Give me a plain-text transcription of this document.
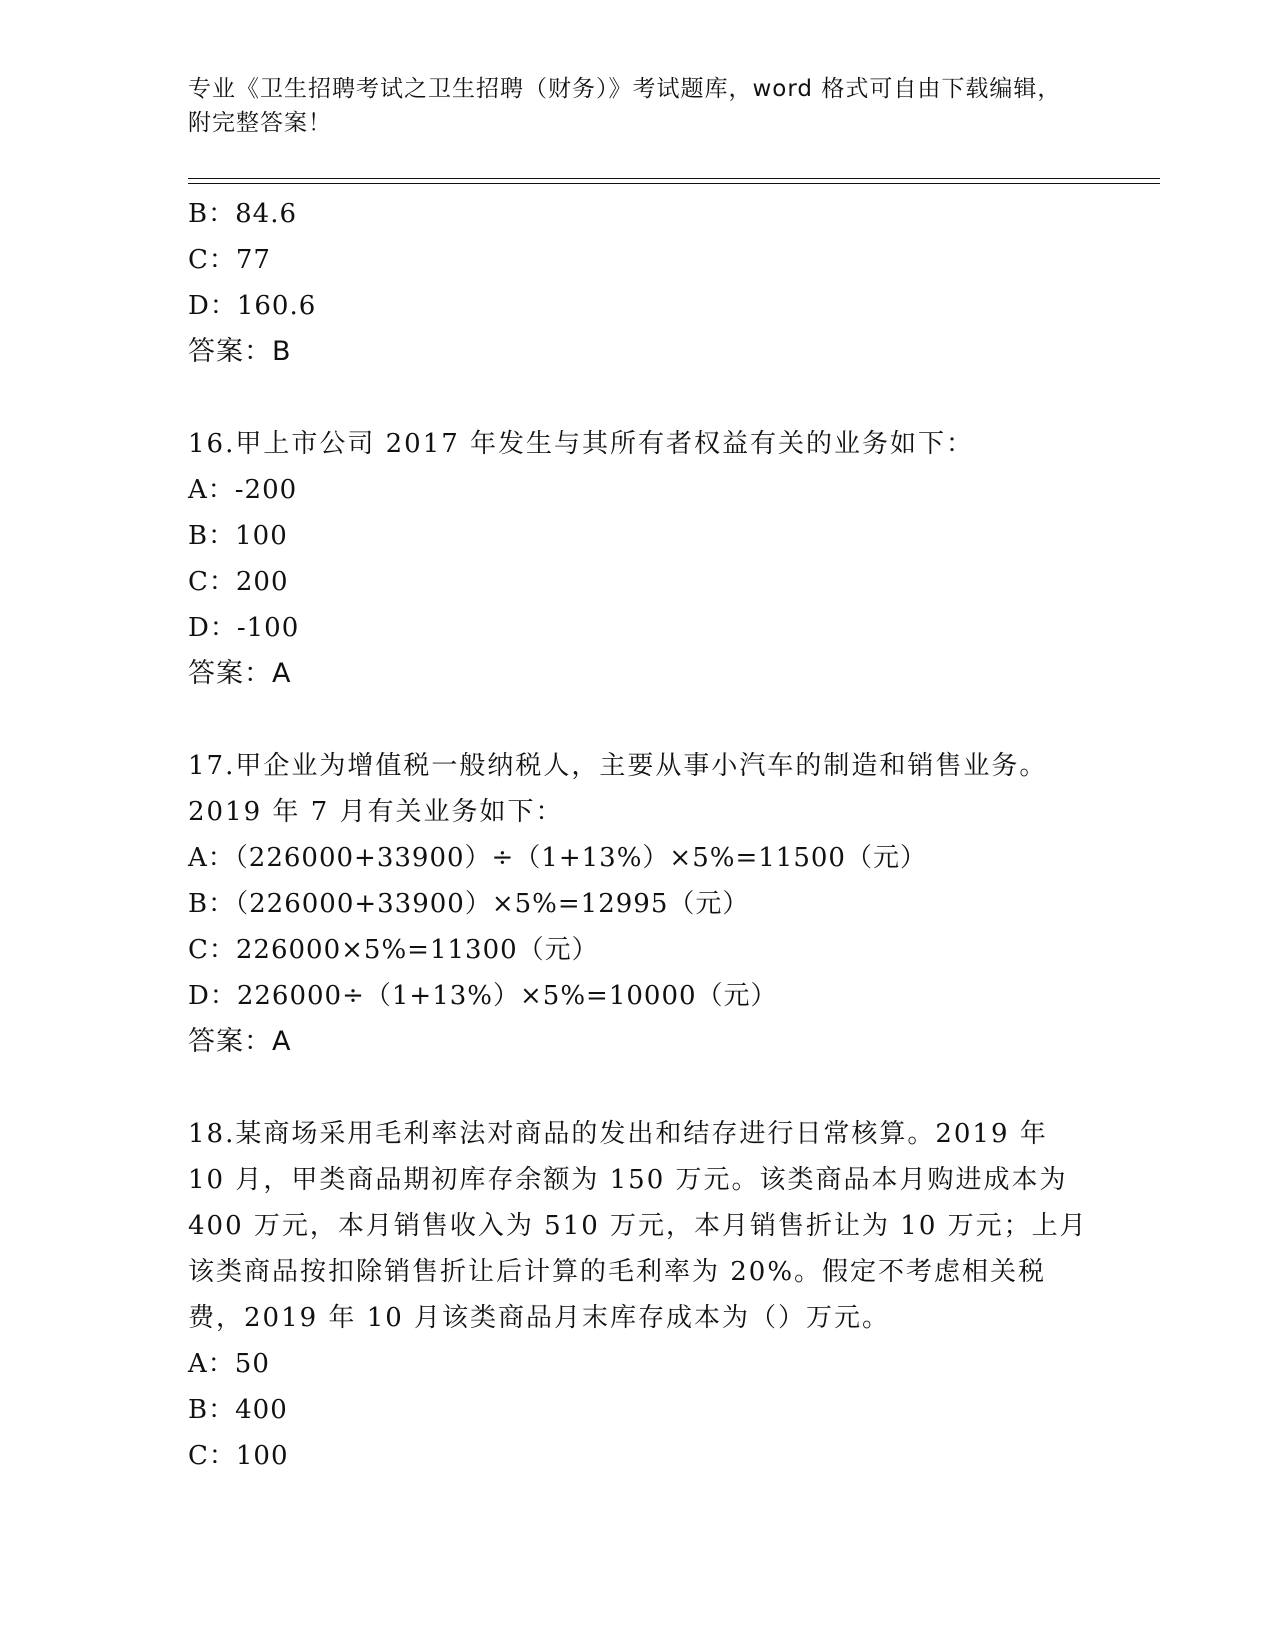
专业《卫生招聘考试之卫生招聘（财务）》考试题库，word 格式可自由下载编辑，附完整答案！
B：84.6
C：77
D：160.6
答案：B
16.甲上市公司 2017 年发生与其所有者权益有关的业务如下：
A：-200
B：100
C：200
D：-100
答案：A
17.甲企业为增值税一般纳税人，主要从事小汽车的制造和销售业务。
2019 年 7 月有关业务如下：
A：（226000+33900）÷（1+13%）×5%=11500（元）
B：（226000+33900）×5%=12995（元）
C：226000×5%=11300（元）
D：226000÷（1+13%）×5%=10000（元）
答案：A
18.某商场采用毛利率法对商品的发出和结存进行日常核算。2019 年
10 月，甲类商品期初库存余额为 150 万元。该类商品本月购进成本为
400 万元，本月销售收入为 510 万元，本月销售折让为 10 万元；上月
该类商品按扣除销售折让后计算的毛利率为 20%。假定不考虑相关税
费，2019 年 10 月该类商品月末库存成本为（）万元。
A：50
B：400
C：100
